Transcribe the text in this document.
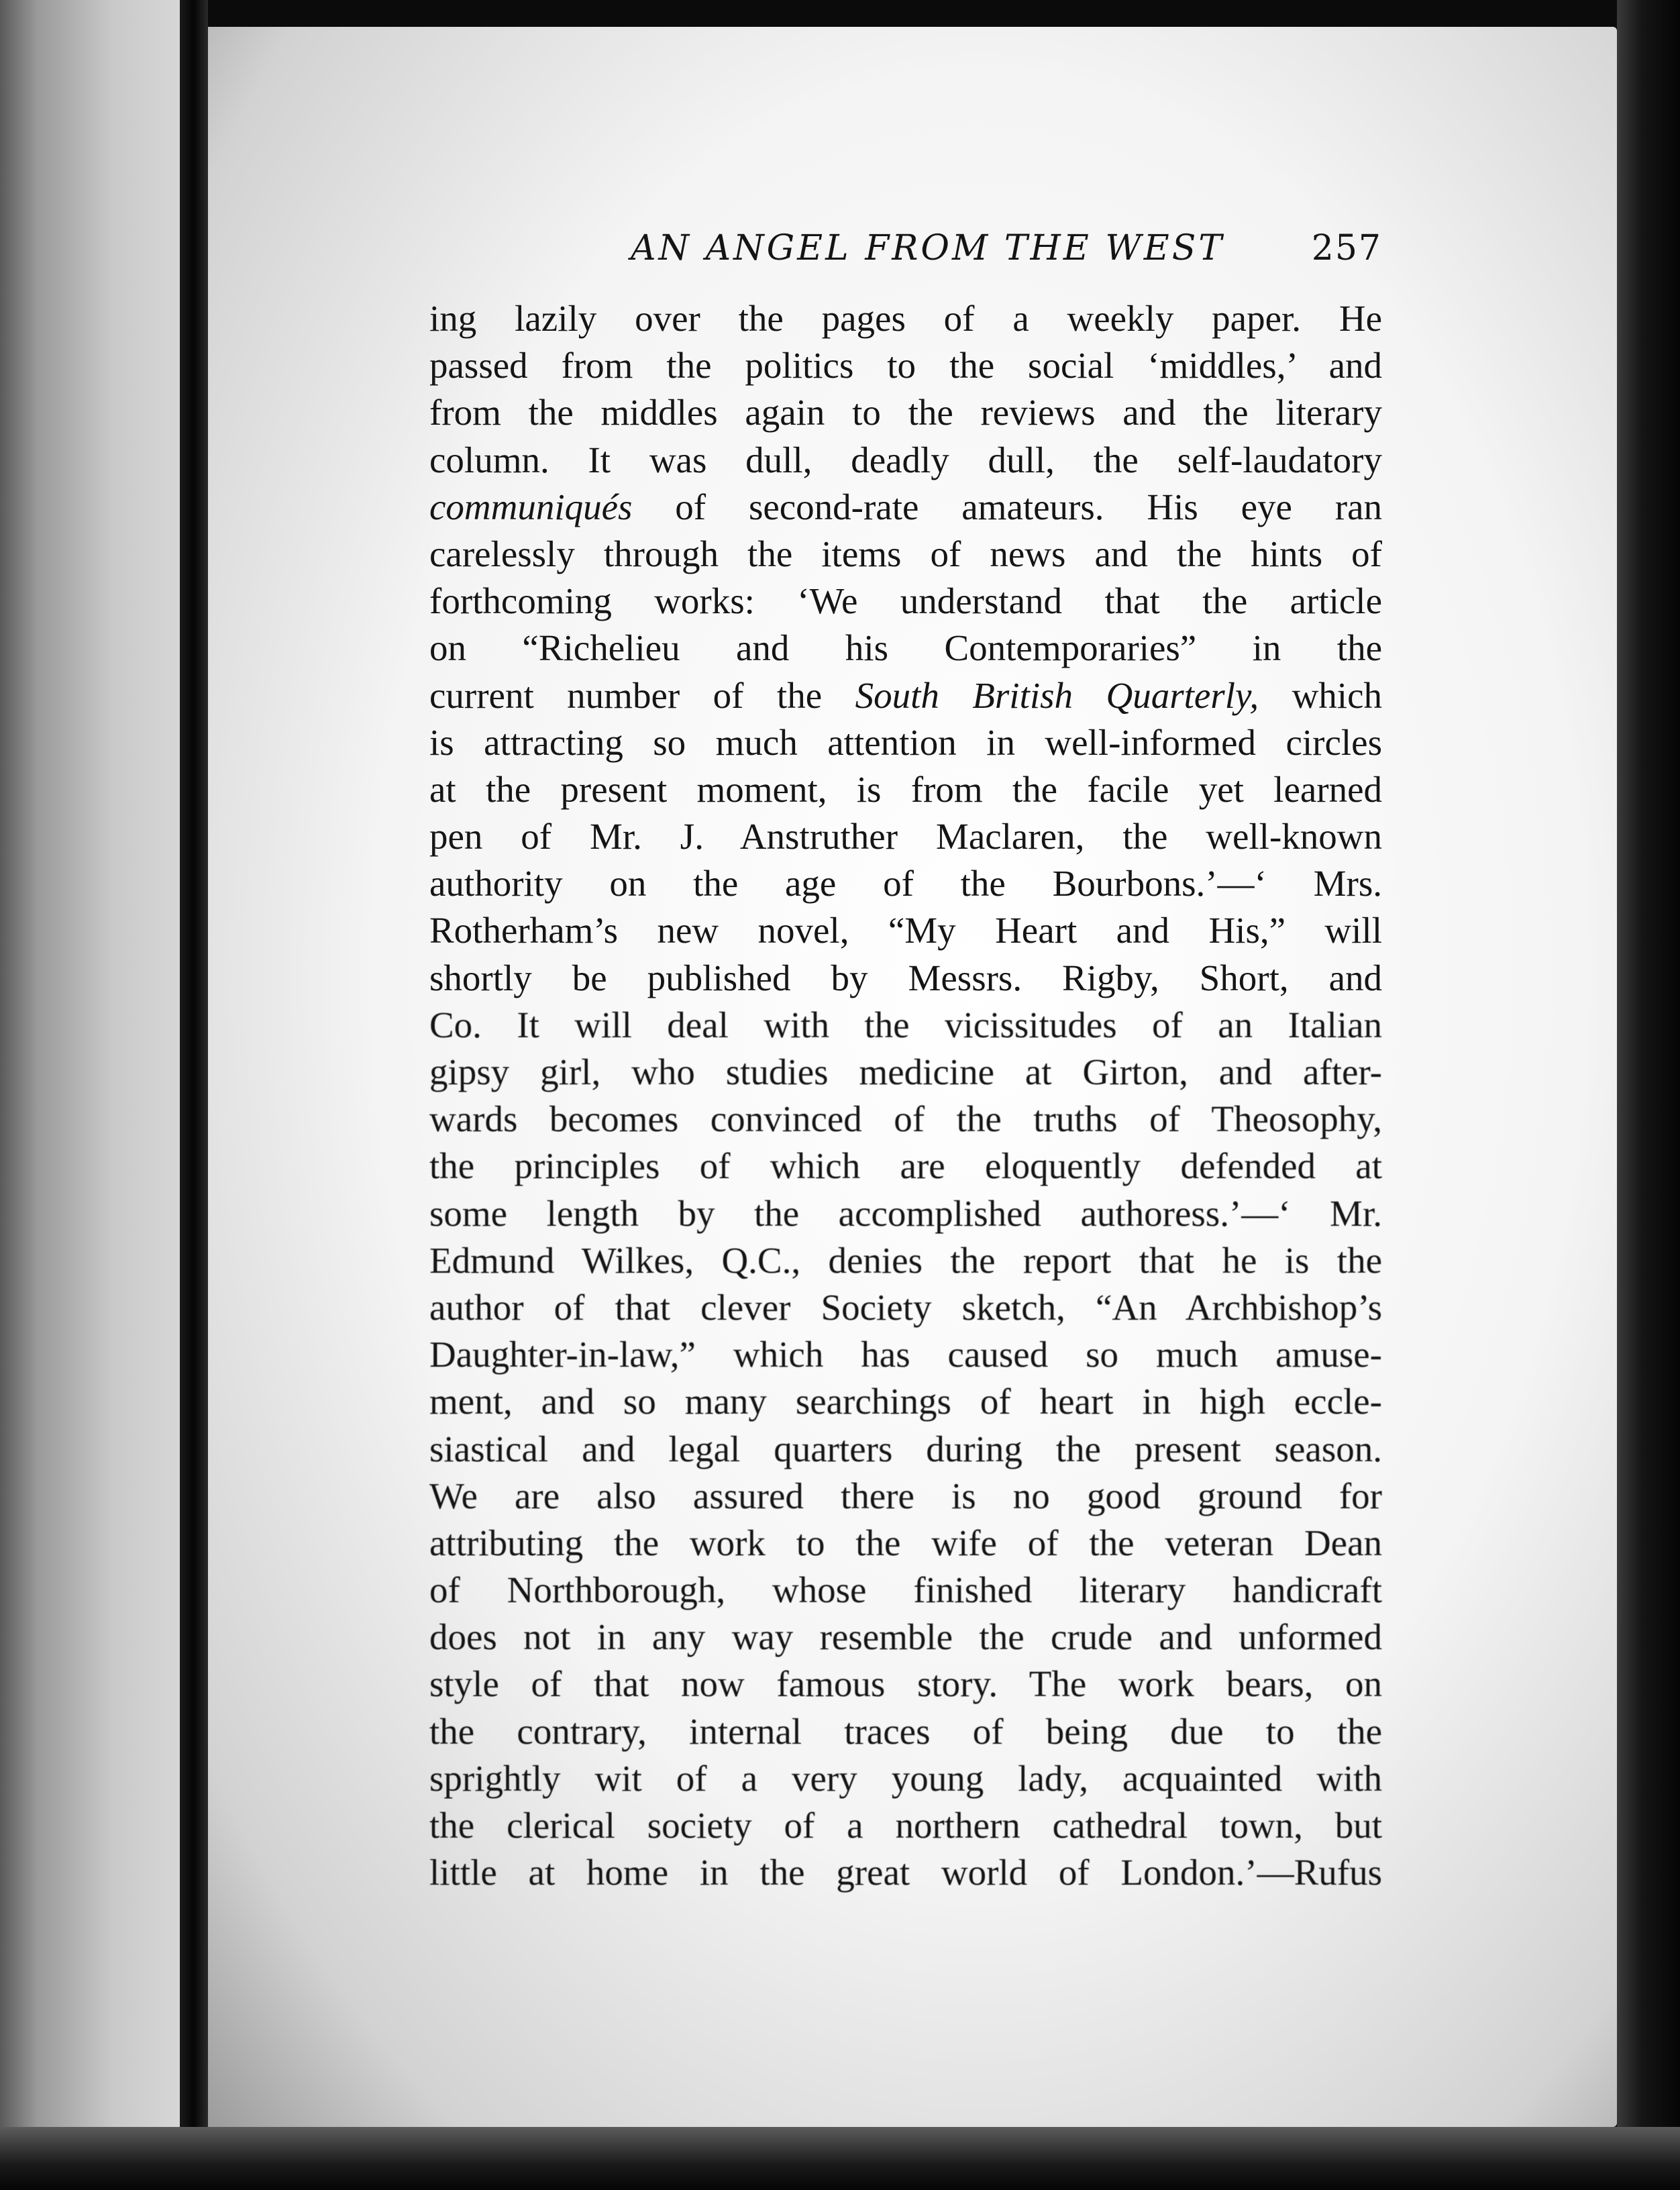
AN ANGEL FROM THE WEST 257
ing lazily over the pages of a weekly paper. He
passed from the politics to the social ‘middles,’ and
from the middles again to the reviews and the literary
column. It was dull, deadly dull, the self-laudatory
communiqués of second-rate amateurs. His eye ran
carelessly through the items of news and the hints of
forthcoming works: ‘We understand that the article
on “Richelieu and his Contemporaries” in the
current number of the South British Quarterly, which
is attracting so much attention in well-informed circles
at the present moment, is from the facile yet learned
pen of Mr. J. Anstruther Maclaren, the well-known
authority on the age of the Bourbons.’—‘ Mrs.
Rotherham’s new novel, “My Heart and His,” will
shortly be published by Messrs. Rigby, Short, and
Co. It will deal with the vicissitudes of an Italian
gipsy girl, who studies medicine at Girton, and after-
wards becomes convinced of the truths of Theosophy,
the principles of which are eloquently defended at
some length by the accomplished authoress.’—‘ Mr.
Edmund Wilkes, Q.C., denies the report that he is the
author of that clever Society sketch, “An Archbishop’s
Daughter-in-law,” which has caused so much amuse-
ment, and so many searchings of heart in high eccle-
siastical and legal quarters during the present season.
We are also assured there is no good ground for
attributing the work to the wife of the veteran Dean
of Northborough, whose finished literary handicraft
does not in any way resemble the crude and unformed
style of that now famous story. The work bears, on
the contrary, internal traces of being due to the
sprightly wit of a very young lady, acquainted with
the clerical society of a northern cathedral town, but
little at home in the great world of London.’—Rufus
